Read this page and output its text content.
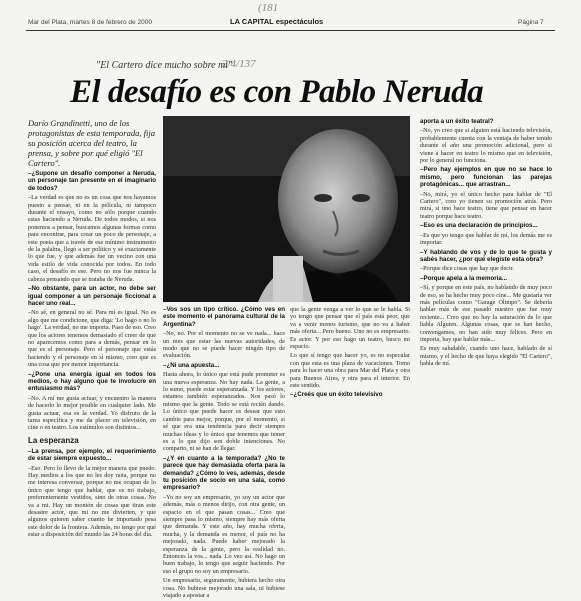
(181
2/4/137
Mar del Plata, martes 8 de febrero de 2000	LA CAPITAL espectáculos	Página 7
"El Cartero dice mucho sobre mí"
El desafío es con Pablo Neruda
Darío Grandinetti, uno de los protagonistas de esta temporada, fija su posición acerca del teatro, la prensa, y sobre por qué eligió "El Cartero".

–¿Supone un desafío componer a Neruda, un personaje tan presente en el imaginario de todos?

–La verdad es que no es un cosa que nos hayamos puesto a pensar, ni en la película, ni tampoco durante el ensayo, como no sólo porque cuando estas haciendo a Neruda. De todos modos, si nos ponemos a pensar, buscamos algunas formas como para encontrar, para crear un poco de personaje, a este poeta que a través de ese mínimo instrumento de la palabra, llegó a ser político y sé exactamente lo que fue, y que además fue un vecino con una vida estilo de vida conocida por todos. En todo caso, el desafío es ese. Pero no nos fue nunca la cabeza pensando que se trataba de Neruda.

–No obstante, para un actor, no debe ser igual componer a un personaje ficcional a hacer uno real...

–No sé, en general no sé. Para mí es igual. No es algo que me condicione, que diga: 'Lo hago o no lo hago'. La verdad, no me importa. Paso de eso. Creo que los actores tenemos demasiado el creer de que no aparecemos como para a demás, pensar en lo que es el personaje. Pero el personaje que estás haciendo y el personaje en sí mismo, creo que es una cosa que por menor importancia.

–¿Pone una energía igual en todos los medios, o hay alguno que te involucre en entusiasmo más?

–No. A mí me gusta actuar, y encuentro la manera de hacerlo lo mejor posible en cualquier lado. Me gusta actuar, esa es la verdad. Yo disfruto de la tarea específica y me da placer en televisión, en cine o en teatro. Los estímulos son distintos...

La esperanza

–La prensa, por ejemplo, el requerimiento de estar siempre expuesto...

–Eso. Pero lo llevo de la mejor manera que puedo. Hay medios a los que no les doy nota, porque no me interesa conversar, porque no me ocupan de lo único que tengo que hablar, que es mi trabajo, preferentemente vestidos, sino de otras cosas. No va a mi. Hay un montón de cosas que tiran este desastre actor, que mi no me divierten, y que algunos quieren saber cuanto he importado pesa este dolor de la frontera. Además, no tengo por qué estar a disposición del mundo las 24 horas del día.

–Vos sos un tipo crítico. ¿Cómo ves en este momento el panorama cultural de la Argentina?

–No, no. Por el momento no se ve nada... hace un mes que estar las nuevas autoridades, de modo que no se puede hacer ningún tipo de evaluación.

–¿Ni una apuesta...

Hasta ahora, lo único que está pude prometer es una nueva esperanza. No hay nada. La gente, a lo sumo, puede estar esperanzada. Y los actores, estamos también esperanzados. Nos pasó lo mismo que la gente. Todo se está recién dando. Lo único que puede hacer es desear que esto cambie para mejor, porque, por el momento, si sé que era una tendencia para decir siempre muchas ideas y lo único que tenemos que temer es a lo que dijo son doble intenciones. No comparto, ni se han de llegar.

–¿Y en cuanto a la temporada? ¿No te parece que hay demasiada oferta para la demanda? ¿Cómo lo ves, además, desde tu posición de socio en una sala, como empresario?

–Yo no soy un empresario, yo soy un actor que además, más o menos dirijo, con otra gente, un espacio en el que pasan cosas... Creo que siempre pasa lo mismo, siempre hay más oferta que demanda. Y este año, hay mucha oferta, mucha, y la demanda es menor, el país no ha mejorado, nada. Puede haber mejorado la esperanza de la gente, pero la realidad no. Entonces la vos... nada. Lo veo así. No hago un buen trabajo, lo tengo que seguir haciendo. Por eso el grupo no soy un empresario.

Un empresario, seguramente, hubiera hecho otra cosa. No hubiese mejorado una sala, ni hubiese viajado a apostar a

que la gente venga a ver lo que se le habla. Si yo tengo que pensar que el país está peor, que va a venir menos turismo, que no va a haber más oferta... Pero bueno. Uno no es empresario. Es actor. Y por eso hago un teatro, busco mi espacio.

Lo que sí tengo que hacer yo, es no especular con que esta es una plaza de vacaciones. Tomo para lo hacer una obra para Mar del Plata y otra para Buenos Aires, y otra para el interior. En este sentido.

–¿Creés que un éxito televisivo

aporta a un éxito teatral?

–No, yo creo que si alguien está haciendo televisión, probablemente cuenta con la ventaja de haber tenido durante el año una promoción adicional, pero si viene a hacer en teatro lo mismo que en televisión, por lo general no funciona.

–Pero hay ejemplos en que no se hace lo mismo, pero funcionan las parejas protagónicas... que arrastran...

–No, mirá, yo el único hecho para hablar de "El Cartero", creo yo tienen su promoción atrás. Pero mirá, si uno hace teatro, tiene que pensar en hacer teatro porque hace teatro.

–Eso es una declaración de principios...

–Es que yo tengo que hablar de mí, los demás me es importar.

–Y hablando de vos y de lo que te gusta y sabés hacer, ¿por qué elegiste esta obra?

–Porque dice cosas que hay que decir.

–Porque apela a la memoria...

–Sí, y porque en este país, no hablando de muy poco de eso, se ha hecho muy poco cine... Me gustaría ver más películas como "Garage Olimpo". Se debería hablar más de ese pasado nuestro que fue muy reciente... Creo que no hay la saturación de lo que habla Alguien. Algunas cosas, que se han hecho, convengamos, no han sido muy felices. Pero en importa, hay que hablar más...

Es muy saludable, cuando uno hace, hablado de sí mismo, y el hecho de que haya elegido "El Cartero", habla de mí.
